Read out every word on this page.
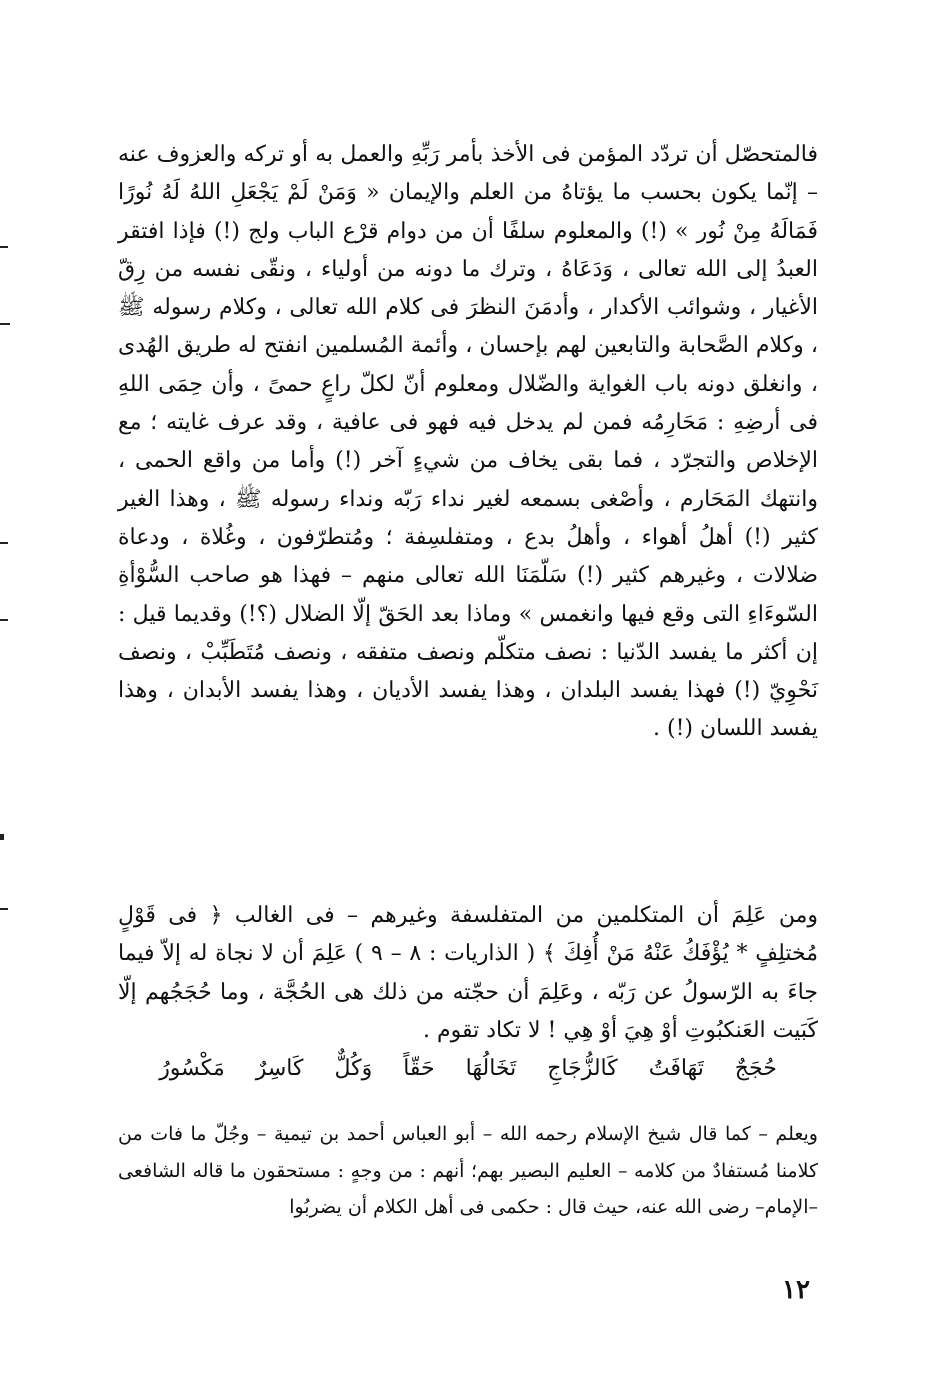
فالمتحصّل أن تردّد المؤمن فى الأخذ بأمر رَبِّهِ والعمل به أو تركه والعزوف عنه – إنّما يكون بحسب ما يؤتاهُ من العلم والإيمان « وَمَنْ لَمْ يَجْعَلِ اللهُ لَهُ نُورًا فَمَالَهُ مِنْ نُور » (!) والمعلوم سلفًا أن من دوام قرْع الباب ولج (!) فإذا افتقر العبدُ إلى الله تعالى ، وَدَعَاهُ ، وترك ما دونه من أولياء ، ونقّى نفسه من رِقّ الأغيار ، وشوائب الأكدار ، وأدمَنَ النظرَ فى كلام الله تعالى ، وكلام رسوله ﷺ ، وكلام الصَّحابة والتابعين لهم بإحسان ، وأئمة المُسلمين انفتح له طريق الهُدى ، وانغلق دونه باب الغواية والضّلال ومعلوم أنّ لكلّ راعٍ حمىً ، وأن حِمَى اللهِ فى أرضِهِ : مَحَارِمُه فمن لم يدخل فيه فهو فى عافية ، وقد عرف غايته ؛ مع الإخلاص والتجرّد ، فما بقى يخاف من شيءٍ آخر (!) وأما من واقع الحمى ، وانتهك المَحَارم ، وأصْغى بسمعه لغير نداء رَبّه ونداء رسوله ﷺ ، وهذا الغير كثير (!) أهلُ أهواء ، وأهلُ بدع ، ومتفلسِفة ؛ ومُتطرّفون ، وغُلاة ، ودعاة ضلالات ، وغيرهم كثير (!) سَلّمَنَا الله تعالى منهم – فهذا هو صاحب السُّوْأةِ السّوءَاءِ التى وقع فيها وانغمس » وماذا بعد الحَقّ إلّا الضلال (؟!) وقديما قيل : إن أكثر ما يفسد الدّنيا : نصف متكلّم ونصف متفقه ، ونصف مُتَطَبِّبْ ، ونصف نَحْوِيّ (!) فهذا يفسد البلدان ، وهذا يفسد الأديان ، وهذا يفسد الأبدان ، وهذا يفسد اللسان (!) .
ومن عَلِمَ أن المتكلمين من المتفلسفة وغيرهم – فى الغالب ﴿ فى قَوْلٍ مُختلِفٍ * يُؤْفَكُ عَنْهُ مَنْ أُفِكَ ﴾ ( الذاريات : ٨ – ٩ ) عَلِمَ أن لا نجاة له إلاّ فيما جاءَ به الرّسولُ عن رَبّه ، وعَلِمَ أن حجّته من ذلك هى الحُجَّة ، وما حُجَجُهم إلّا كَبَيت العَنكبُوتِ أوْ هِيَ أوْ هِي ! لا تكاد تقوم .
حُجَجٌ تَهَافَتُ كَالزُّجَاجِ تَخَالُهَا حَقّاً وَكُلٌّ كَاسِرٌ مَكْسُورُ
ويعلم – كما قال شيخ الإسلام رحمه الله – أبو العباس أحمد بن تيمية – وجُلّ ما فات من كلامنا مُستفادٌ من كلامه – العليم البصير بهم؛ أنهم : من وجهٍ : مستحقون ما قاله الشافعى –الإمام– رضى الله عنه، حيث قال : حكمى فى أهل الكلام أن يضربُوا
١٢
